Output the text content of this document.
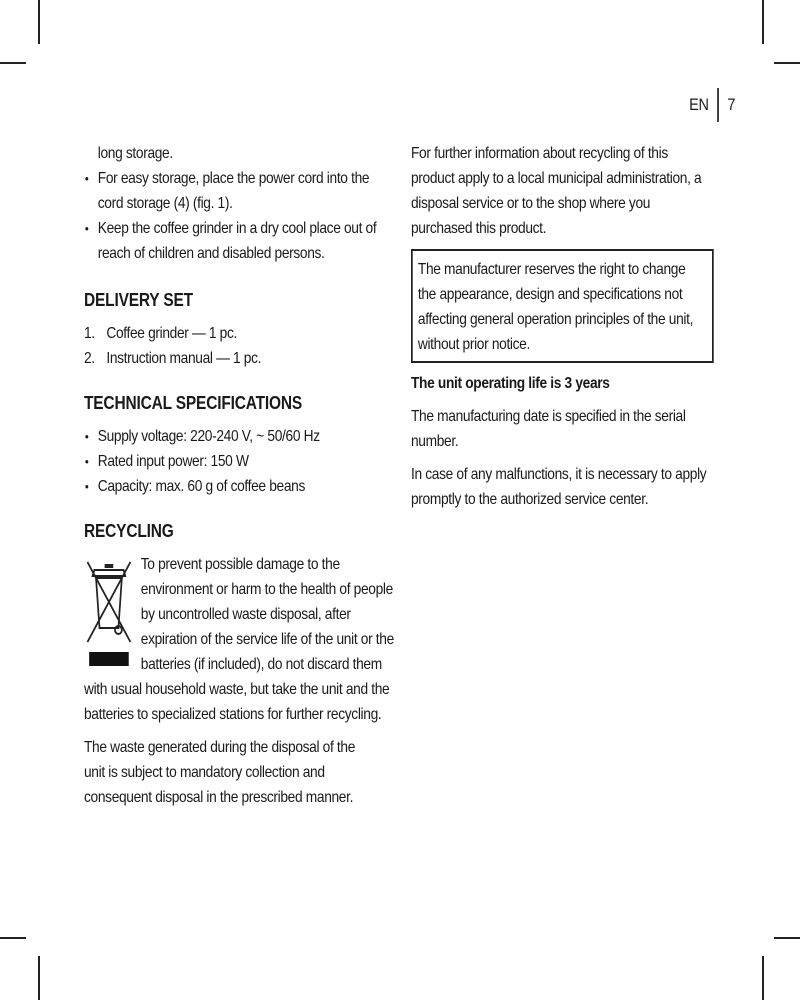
EN	7

long storage.

• For easy storage, place the power cord into the cord storage (4) (fig. 1).
• Keep the coffee grinder in a dry cool place out of reach of children and disabled persons.
DELIVERY SET
1. Coffee grinder — 1 pc.
2. Instruction manual — 1 pc.
TECHNICAL SPECIFICATIONS
• Supply voltage: 220-240 V, ~ 50/60 Hz
• Rated input power: 150 W
• Capacity: max. 60 g of coffee beans
RECYCLING

To prevent possible damage to the environment or harm to the health of people by uncontrolled waste disposal, after expiration of the service life of the unit or the batteries (if included), do not discard them with usual household waste, but take the unit and the batteries to specialized stations for further recycling.

The waste generated during the disposal of the unit is subject to mandatory collection and consequent disposal in the prescribed manner.

For further information about recycling of this product apply to a local municipal administration, a disposal service or to the shop where you purchased this product.

The manufacturer reserves the right to change the appearance, design and specifications not affecting general operation principles of the unit, without prior notice.

The unit operating life is 3 years

The manufacturing date is specified in the serial number.

In case of any malfunctions, it is necessary to apply promptly to the authorized service center.
